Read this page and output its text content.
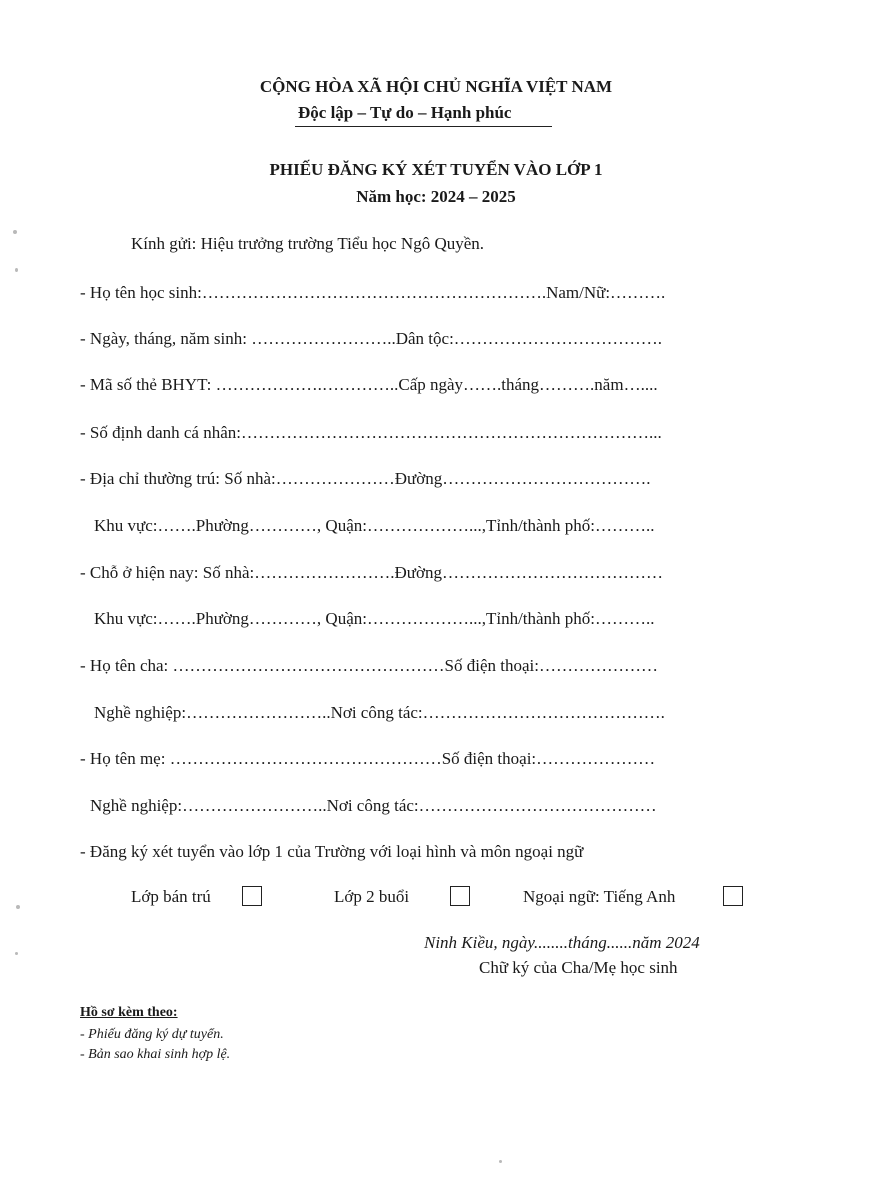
CỘNG HÒA XÃ HỘI CHỦ NGHĨA VIỆT NAM
Độc lập – Tự do – Hạnh phúc
PHIẾU ĐĂNG KÝ XÉT TUYỂN VÀO LỚP 1
Năm học: 2024 – 2025
Kính gửi: Hiệu trưởng trường Tiểu học Ngô Quyền.
- Họ tên học sinh:…………………………………………………….Nam/Nữ:……….
- Ngày, tháng, năm sinh: ……………………..Dân tộc:……………………………….
- Mã số thẻ BHYT: ……………….…………..Cấp ngày…….tháng……….năm…....
- Số định danh cá nhân:………………………………………………………………...
- Địa chỉ thường trú: Số nhà:…………………Đường……………………………….
Khu vực:…….Phường…………, Quận:………………...,Tỉnh/thành phố:………..
- Chỗ ở hiện nay: Số nhà:…………………….Đường…………………………………
Khu vực:…….Phường…………, Quận:………………...,Tỉnh/thành phố:………..
- Họ tên cha: …………………………………………Số điện thoại:…………………
Nghề nghiệp:……………………..Nơi công tác:…………………………………….
- Họ tên mẹ: …………………………………………Số điện thoại:…………………
Nghề nghiệp:……………………..Nơi công tác:……………………………………
- Đăng ký xét tuyển vào lớp 1 của Trường với loại hình và môn ngoại ngữ
Lớp bán trú	Lớp 2 buổi	Ngoại ngữ: Tiếng Anh
Ninh Kiều, ngày........tháng......năm 2024
Chữ ký của Cha/Mẹ học sinh
Hồ sơ kèm theo:
- Phiếu đăng ký dự tuyển.
- Bản sao khai sinh hợp lệ.
